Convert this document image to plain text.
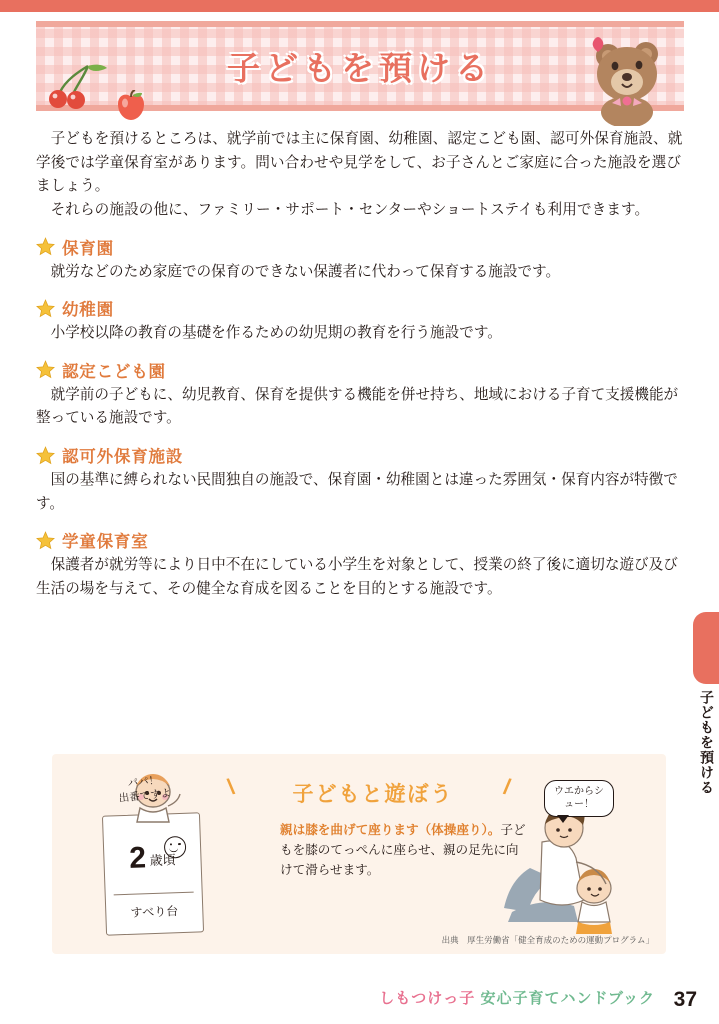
子どもを預ける

子どもを預けるところは、就学前では主に保育園、幼稚園、認定こども園、認可外保育施設、就学後では学童保育室があります。問い合わせや見学をして、お子さんとご家庭に合った施設を選びましょう。

それらの施設の他に、ファミリー・サポート・センターやショートステイも利用できます。

保育園
就労などのため家庭での保育のできない保護者に代わって保育する施設です。
幼稚園
小学校以降の教育の基礎を作るための幼児期の教育を行う施設です。
認定こども園
就学前の子どもに、幼児教育、保育を提供する機能を併せ持ち、地域における子育て支援機能が整っている施設です。
認可外保育施設
国の基準に縛られない民間独自の施設で、保育園・幼稚園とは違った雰囲気・保育内容が特徴です。
学童保育室
保護者が就労等により日中不在にしている小学生を対象として、授業の終了後に適切な遊び及び生活の場を与えて、その健全な育成を図ることを目的とする施設です。
子どもを預ける
\	子どもと遊ぼう	/
親は膝を曲げて座ります（体操座り）。子どもを膝のてっぺんに座らせ、親の足先に向けて滑らせます。
2 歳頃
すべり台
パパ！
出番ですよ	ウエからシュー！
出典　厚生労働省「健全育成のための運動プログラム」
しもつけっ子 安心子育てハンドブック 37
